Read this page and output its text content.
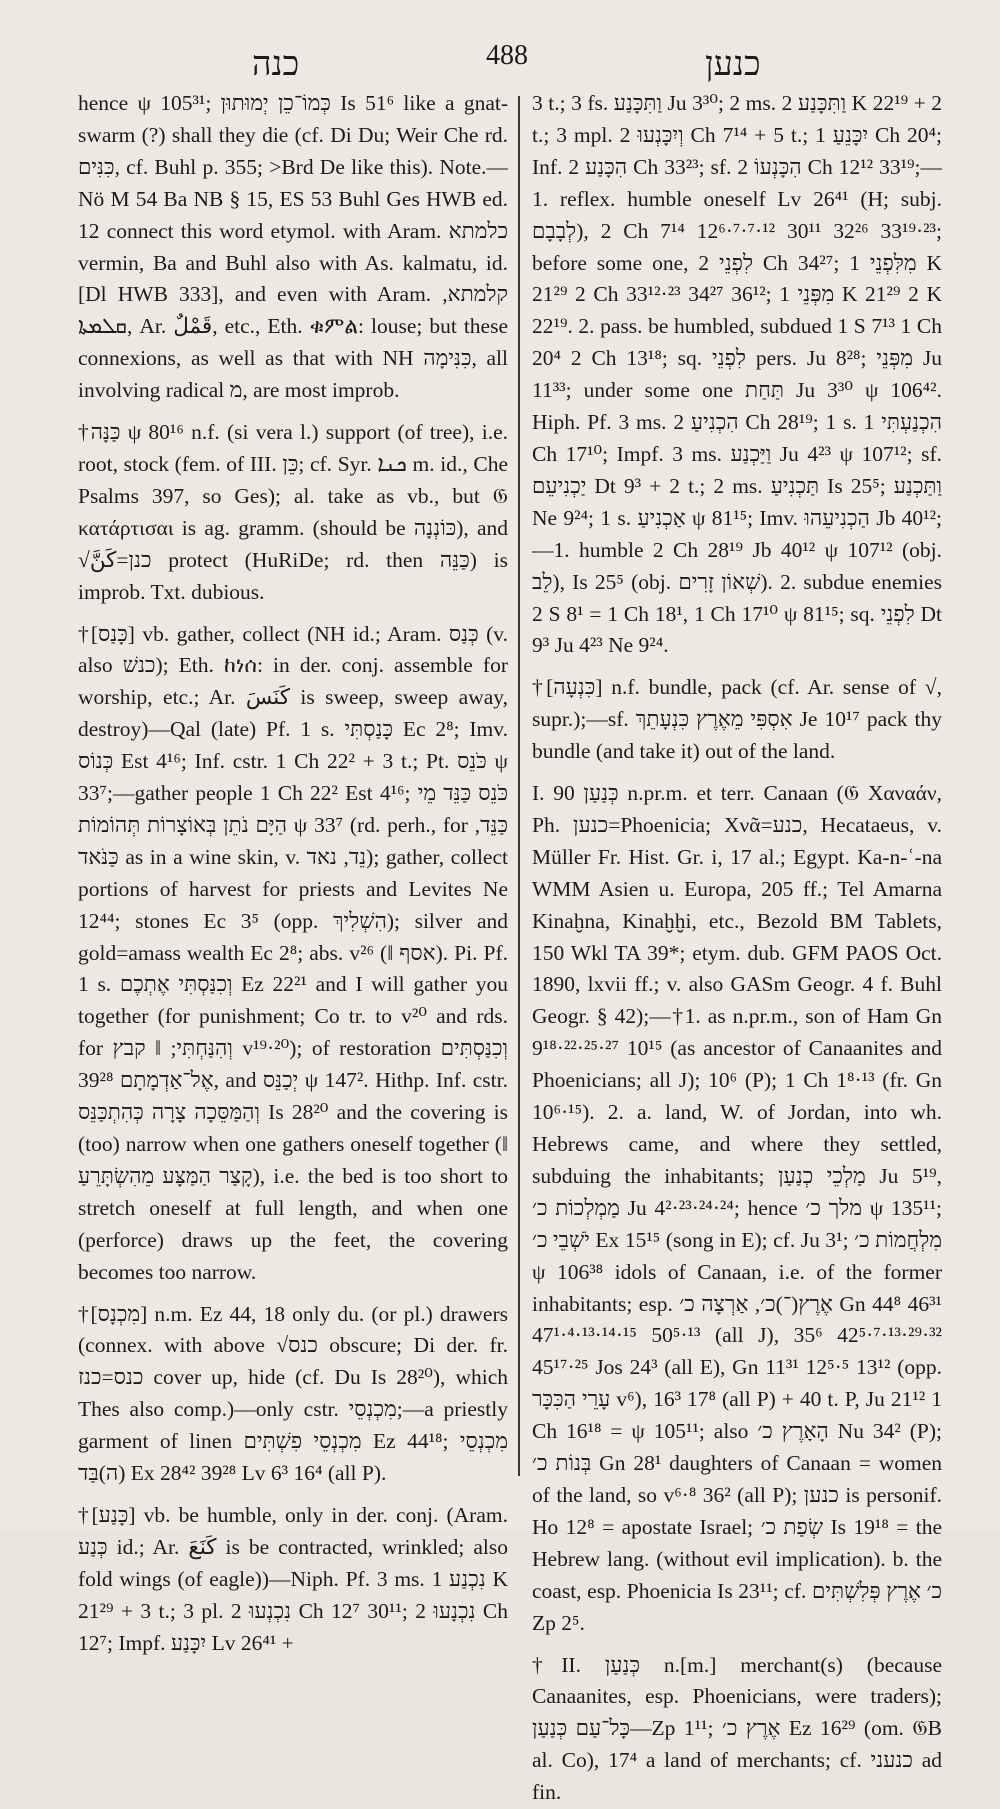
כנה	488	כנען

hence ψ 105³¹; כְּמוֹ־כֵן יְמוּתוּן Is 51⁶ like a gnat-swarm (?) shall they die (cf. Di Du; Weir Che rd. כִּנִּים, cf. Buhl p. 355; >Brd De like this). Note.—Nö M 54 Ba NB § 15, ES 53 Buhl Ges HWB ed. 12 connect this word etymol. with Aram. כלמתא vermin, Ba and Buhl also with As. kalmatu, id. [Dl HWB 333], and even with Aram. קלמתא, ܩܠܡܬܐ, Ar. قَمْلٌ, etc., Eth. ቁምል: louse; but these connexions, as well as that with NH כִּנִּימָה, all involving radical מ, are most improb.

†כַּנָּה ψ 80¹⁶ n.f. (si vera l.) support (of tree), i.e. root, stock (fem. of III. כֵּן; cf. Syr. ܟܢܐ m. id., Che Psalms 397, so Ges); al. take as vb., but 𝔊 κατάρτισαι is ag. gramm. (should be כּוֹנְנָה), and √כנן=كَنَّ protect (HuRiDe; rd. then כַּנֵּה) is improb. Txt. dubious.

†[כָּנַס] vb. gather, collect (NH id.; Aram. כְּנַס (v. also כנשׁ); Eth. ከነሰ: in der. conj. assemble for worship, etc.; Ar. كَنَسَ is sweep, sweep away, destroy)—Qal (late) Pf. 1 s. כָּנַסְתִּי Ec 2⁸; Imv. כְּנוֹס Est 4¹⁶; Inf. cstr. 1 Ch 22² + 3 t.; Pt. כֹּנֵס ψ 33⁷;—gather people 1 Ch 22² Est 4¹⁶; כֹּנֵס כַּנֵּד מֵי הַיָּם נֹתֵן בְּאוֹצָרוֹת תְּהוֹמוֹת ψ 33⁷ (rd. perh., for כַּנֵּד, כַּנֹּאד as in a wine skin, v. נֵד, נאד); gather, collect portions of harvest for priests and Levites Ne 12⁴⁴; stones Ec 3⁵ (opp. הִשְׁלִיךְ); silver and gold=amass wealth Ec 2⁸; abs. v²⁶ (‖ אסף). Pi. Pf. 1 s. וְכִנַּסְתִּי אֶתְכֶם Ez 22²¹ and I will gather you together (for punishment; Co tr. to v²⁰ and rds. for וְהִנַּחְתִּי; ‖ קבץ v¹⁹·²⁰); of restoration וְכִנַּסְתִּים אֶל־אַדְמָתָם 39²⁸, and יְכַנֵּס ψ 147². Hithp. Inf. cstr. וְהַמַּסֵּכָה צָרָה כְּהִתְכַּנֵּס Is 28²⁰ and the covering is (too) narrow when one gathers oneself together (‖ קָצַר הַמַּצָּע מֵהִשְׂתָּרֵעַ), i.e. the bed is too short to stretch oneself at full length, and when one (perforce) draws up the feet, the covering becomes too narrow.

†[מִכְנָס] n.m. Ez 44, 18 only du. (or pl.) drawers (connex. with above √כנס obscure; Di der. fr. כנס=כנז cover up, hide (cf. Du Is 28²⁰), which Thes also comp.)—only cstr. מִכְנְסֵי;—a priestly garment of linen מִכְנְסֵי פִשְׁתִּים Ez 44¹⁸; מִכְנְסֵי (ה)בַּד Ex 28⁴² 39²⁸ Lv 6³ 16⁴ (all P).

†[כָּנַע] vb. be humble, only in der. conj. (Aram. כְּנַע id.; Ar. كَنَعَ is be contracted, wrinkled; also fold wings (of eagle))—Niph. Pf. 3 ms. נִכְנַע 1 K 21²⁹ + 3 t.; 3 pl. נִכְנְעוּ 2 Ch 12⁷ 30¹¹; נִכְנָעוּ 2 Ch 12⁷; Impf. יִכָּנַע Lv 26⁴¹ +

3 t.; 3 fs. וַתִּכָּנַע Ju 3³⁰; 2 ms. וַתִּכָּנַע 2 K 22¹⁹ + 2 t.; 3 mpl. וְיִכָּנְעוּ 2 Ch 7¹⁴ + 5 t.; יִכָּנֵעַ 1 Ch 20⁴; Inf. הִכָּנַע 2 Ch 33²³; sf. הִכָּנְעוֹ 2 Ch 12¹² 33¹⁹;—1. reflex. humble oneself Lv 26⁴¹ (H; subj. לְבָבָם), 2 Ch 7¹⁴ 12⁶·⁷·⁷·¹² 30¹¹ 32²⁶ 33¹⁹·²³; before some one, לִפְנֵי 2 Ch 34²⁷; מִלִּפְנֵי 1 K 21²⁹ 2 Ch 33¹²·²³ 34²⁷ 36¹²; מִפְּנֵי 1 K 21²⁹ 2 K 22¹⁹. 2. pass. be humbled, subdued 1 S 7¹³ 1 Ch 20⁴ 2 Ch 13¹⁸; sq. לִפְנֵי pers. Ju 8²⁸; מִפְּנֵי Ju 11³³; under some one תַּחַת Ju 3³⁰ ψ 106⁴². Hiph. Pf. 3 ms. הִכְנִיעַ 2 Ch 28¹⁹; 1 s. הִכְנַעְתִּי 1 Ch 17¹⁰; Impf. 3 ms. וַיַּכְנַע Ju 4²³ ψ 107¹²; sf. יַכְנִיעֵם Dt 9³ + 2 t.; 2 ms. תַּכְנִיעַ Is 25⁵; וַתַּכְנַע Ne 9²⁴; 1 s. אַכְנִיעַ ψ 81¹⁵; Imv. הַכְנִיעֵהוּ Jb 40¹²;—1. humble 2 Ch 28¹⁹ Jb 40¹² ψ 107¹² (obj. לֵב), Is 25⁵ (obj. שְׁאוֹן זָרִים). 2. subdue enemies 2 S 8¹ = 1 Ch 18¹, 1 Ch 17¹⁰ ψ 81¹⁵; sq. לִפְנֵי Dt 9³ Ju 4²³ Ne 9²⁴.

†[כִּנְעָה] n.f. bundle, pack (cf. Ar. sense of √, supr.);—sf. אִסְפִּי מֵאֶרֶץ כִּנְעָתֵךְ Je 10¹⁷ pack thy bundle (and take it) out of the land.

I. כְּנַעַן 90 n.pr.m. et terr. Canaan (𝔊 Χαναάν, Ph. כנען=Phoenicia; Χνᾶ=כנע, Hecataeus, v. Müller Fr. Hist. Gr. i, 17 al.; Egypt. Ka-n-ʿ-na WMM Asien u. Europa, 205 ff.; Tel Amarna Kinaḫna, Kinaḫḫi, etc., Bezold BM Tablets, 150 Wkl TA 39*; etym. dub. GFM PAOS Oct. 1890, lxvii ff.; v. also GASm Geogr. 4 f. Buhl Geogr. § 42);—†1. as n.pr.m., son of Ham Gn 9¹⁸·²²·²⁵·²⁷ 10¹⁵ (as ancestor of Canaanites and Phoenicians; all J); 10⁶ (P); 1 Ch 1⁸·¹³ (fr. Gn 10⁶·¹⁵). 2. a. land, W. of Jordan, into wh. Hebrews came, and where they settled, subduing the inhabitants; מַלְכֵי כְנַעַן Ju 5¹⁹, מַמְלְכוֹת כ׳ Ju 4²·²³·²⁴·²⁴; hence מלך כ׳ ψ 135¹¹; יֹשְׁבֵי כ׳ Ex 15¹⁵ (song in E); cf. Ju 3¹; מִלְחֲמוֹת כ׳ ψ 106³⁸ idols of Canaan, i.e. of the former inhabitants; esp. אֶרֶץ(־)כ׳, אַרְצָה כ׳ Gn 44⁸ 46³¹ 47¹·⁴·¹³·¹⁴·¹⁵ 50⁵·¹³ (all J), 35⁶ 42⁵·⁷·¹³·²⁹·³² 45¹⁷·²⁵ Jos 24³ (all E), Gn 11³¹ 12⁵·⁵ 13¹² (opp. עָרֵי הַכִּכָּר v⁶), 16³ 17⁸ (all P) + 40 t. P, Ju 21¹² 1 Ch 16¹⁸ = ψ 105¹¹; also הָאָרֶץ כ׳ Nu 34² (P); בְּנוֹת כ׳ Gn 28¹ daughters of Canaan = women of the land, so v⁶·⁸ 36² (all P); כנען is personif. Ho 12⁸ = apostate Israel; שְׂפַת כ׳ Is 19¹⁸ = the Hebrew lang. (without evil implication). b. the coast, esp. Phoenicia Is 23¹¹; cf. כ׳ אֶרֶץ פְּלִשְׁתִּים Zp 2⁵.

†II. כְּנַעַן n.[m.] merchant(s) (because Canaanites, esp. Phoenicians, were traders); כָּל־עַם כְּנַעַן—Zp 1¹¹; אֶרֶץ כ׳ Ez 16²⁹ (om. 𝔊B al. Co), 17⁴ a land of merchants; cf. כנעני ad fin.
